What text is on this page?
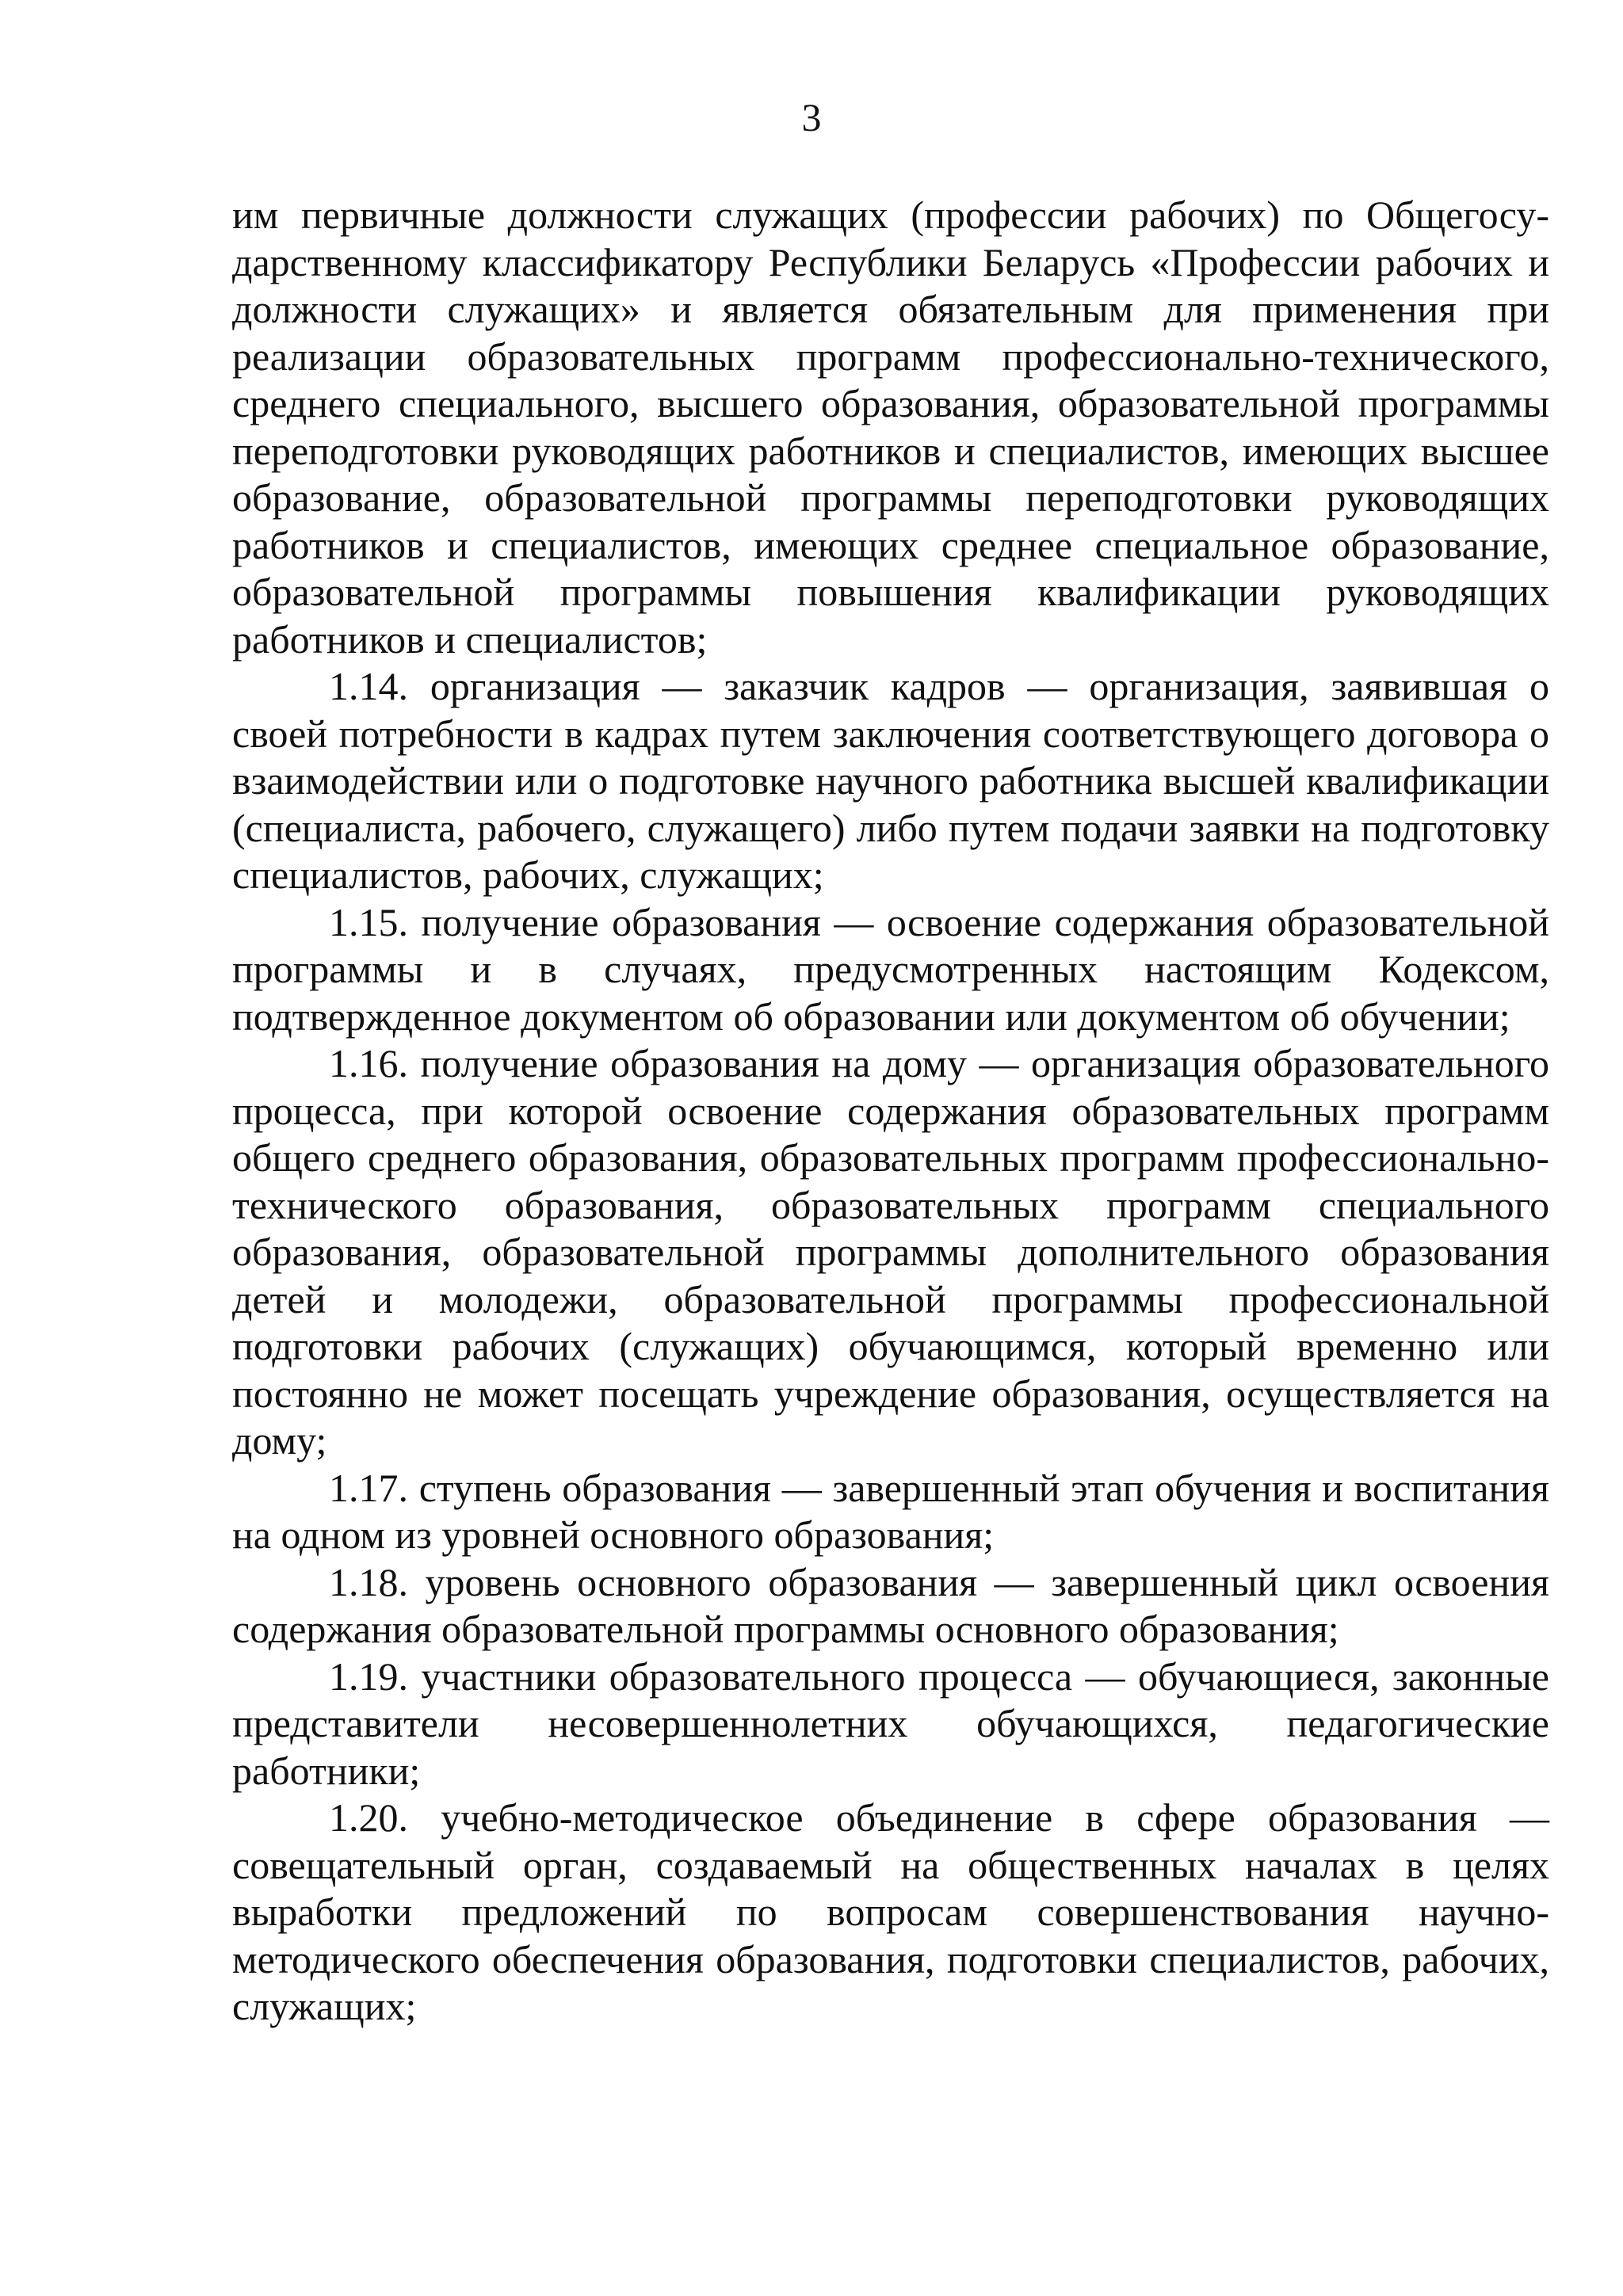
3

им первичные должности служащих (профессии рабочих) по Общегосударственному классификатору Республики Беларусь «Профессии рабочих и должности служащих» и является обязательным для применения при реализации образовательных программ профессионально-технического, среднего специального, высшего образования, образовательной программы переподготовки руководящих работников и специалистов, имеющих высшее образование, образовательной программы переподготовки руководящих работников и специалистов, имеющих среднее специальное образование, образовательной программы повышения квалификации руководящих работников и специалистов;

1.14. организация — заказчик кадров — организация, заявившая о своей потребности в кадрах путем заключения соответствующего договора о взаимодействии или о подготовке научного работника высшей квалификации (специалиста, рабочего, служащего) либо путем подачи заявки на подготовку специалистов, рабочих, служащих;

1.15. получение образования — освоение содержания образовательной программы и в случаях, предусмотренных настоящим Кодексом, подтвержденное документом об образовании или документом об обучении;

1.16. получение образования на дому — организация образовательного процесса, при которой освоение содержания образовательных программ общего среднего образования, образовательных программ профессионально-технического образования, образовательных программ специального образования, образовательной программы дополнительного образования детей и молодежи, образовательной программы профессиональной подготовки рабочих (служащих) обучающимся, который временно или постоянно не может посещать учреждение образования, осуществляется на дому;

1.17. ступень образования — завершенный этап обучения и воспитания на одном из уровней основного образования;

1.18. уровень основного образования — завершенный цикл освоения содержания образовательной программы основного образования;

1.19. участники образовательного процесса — обучающиеся, законные представители несовершеннолетних обучающихся, педагогические работники;

1.20. учебно-методическое объединение в сфере образования — совещательный орган, создаваемый на общественных началах в целях выработки предложений по вопросам совершенствования научно-методического обеспечения образования, подготовки специалистов, рабочих, служащих;
